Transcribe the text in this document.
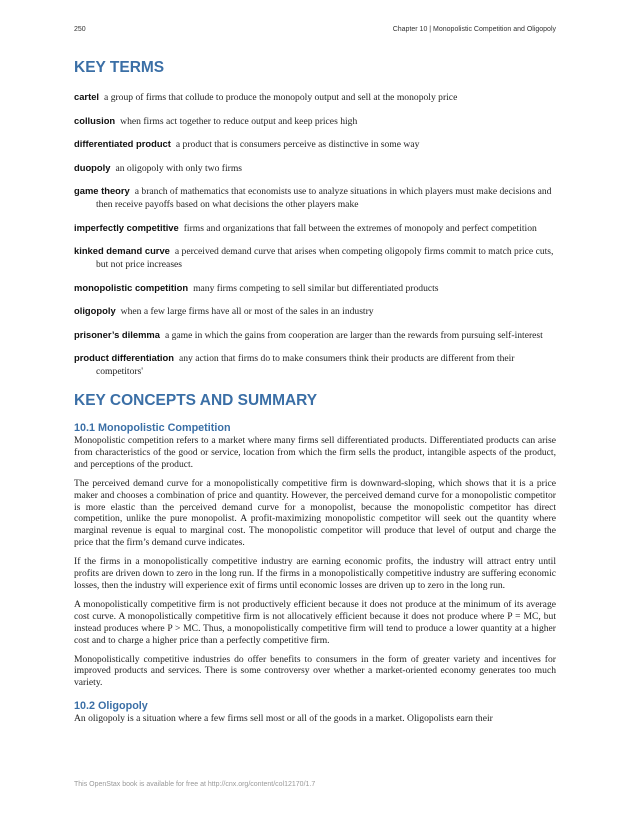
250	Chapter 10 | Monopolistic Competition and Oligopoly
KEY TERMS

cartel a group of firms that collude to produce the monopoly output and sell at the monopoly price

collusion when firms act together to reduce output and keep prices high

differentiated product a product that is consumers perceive as distinctive in some way

duopoly an oligopoly with only two firms

game theory a branch of mathematics that economists use to analyze situations in which players must make decisions and then receive payoffs based on what decisions the other players make

imperfectly competitive firms and organizations that fall between the extremes of monopoly and perfect competition

kinked demand curve a perceived demand curve that arises when competing oligopoly firms commit to match price cuts, but not price increases

monopolistic competition many firms competing to sell similar but differentiated products

oligopoly when a few large firms have all or most of the sales in an industry

prisoner’s dilemma a game in which the gains from cooperation are larger than the rewards from pursuing self-interest

product differentiation any action that firms do to make consumers think their products are different from their competitors'

KEY CONCEPTS AND SUMMARY
10.1 Monopolistic Competition

Monopolistic competition refers to a market where many firms sell differentiated products. Differentiated products can arise from characteristics of the good or service, location from which the firm sells the product, intangible aspects of the product, and perceptions of the product.

The perceived demand curve for a monopolistically competitive firm is downward-sloping, which shows that it is a price maker and chooses a combination of price and quantity. However, the perceived demand curve for a monopolistic competitor is more elastic than the perceived demand curve for a monopolist, because the monopolistic competitor has direct competition, unlike the pure monopolist. A profit-maximizing monopolistic competitor will seek out the quantity where marginal revenue is equal to marginal cost. The monopolistic competitor will produce that level of output and charge the price that the firm’s demand curve indicates.

If the firms in a monopolistically competitive industry are earning economic profits, the industry will attract entry until profits are driven down to zero in the long run. If the firms in a monopolistically competitive industry are suffering economic losses, then the industry will experience exit of firms until economic losses are driven up to zero in the long run.

A monopolistically competitive firm is not productively efficient because it does not produce at the minimum of its average cost curve. A monopolistically competitive firm is not allocatively efficient because it does not produce where P = MC, but instead produces where P > MC. Thus, a monopolistically competitive firm will tend to produce a lower quantity at a higher cost and to charge a higher price than a perfectly competitive firm.

Monopolistically competitive industries do offer benefits to consumers in the form of greater variety and incentives for improved products and services. There is some controversy over whether a market-oriented economy generates too much variety.

10.2 Oligopoly

An oligopoly is a situation where a few firms sell most or all of the goods in a market. Oligopolists earn their

This OpenStax book is available for free at http://cnx.org/content/col12170/1.7
